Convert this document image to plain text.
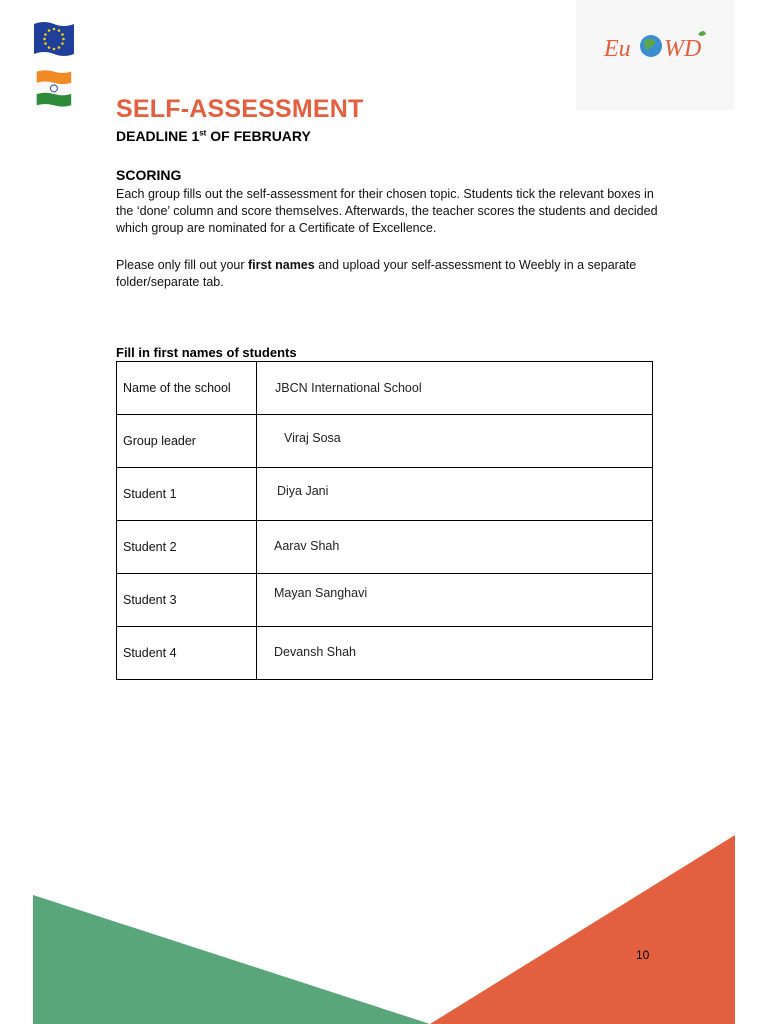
Eu WD
SELF-ASSESSMENT

DEADLINE 1st OF FEBRUARY

SCORING

Each group fills out the self-assessment for their chosen topic. Students tick the relevant boxes in the ‘done’ column and score themselves. Afterwards, the teacher scores the students and decided which group are nominated for a Certificate of Excellence.

Please only fill out your first names and upload your self-assessment to Weebly in a separate folder/separate tab.

Fill in first names of students

Name of the school	JBCN International School

Group leader	Viraj Sosa

Student 1	Diya Jani

Student 2	Aarav Shah

Student 3	Mayan Sanghavi

Student 4	Devansh Shah

10
